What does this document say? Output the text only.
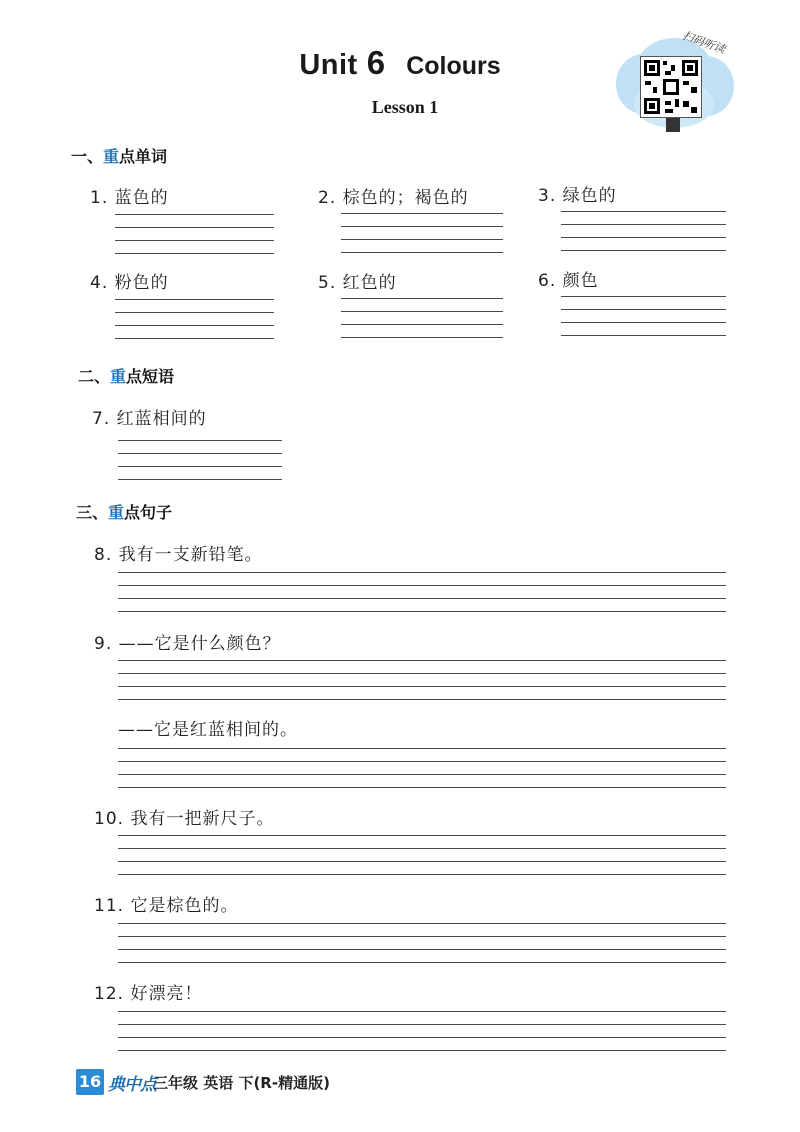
Unit 6 Colours
Lesson 1
扫码听读
一、重点单词
1. 蓝色的	2. 棕色的；褐色的	3. 绿色的
4. 粉色的	5. 红色的	6. 颜色
二、重点短语
7. 红蓝相间的
三、重点句子
8. 我有一支新铅笔。
9. ——它是什么颜色？
——它是红蓝相间的。
10. 我有一把新尺子。
11. 它是棕色的。
12. 好漂亮！
16 典中点
三年级 英语 下(R-精通版)
